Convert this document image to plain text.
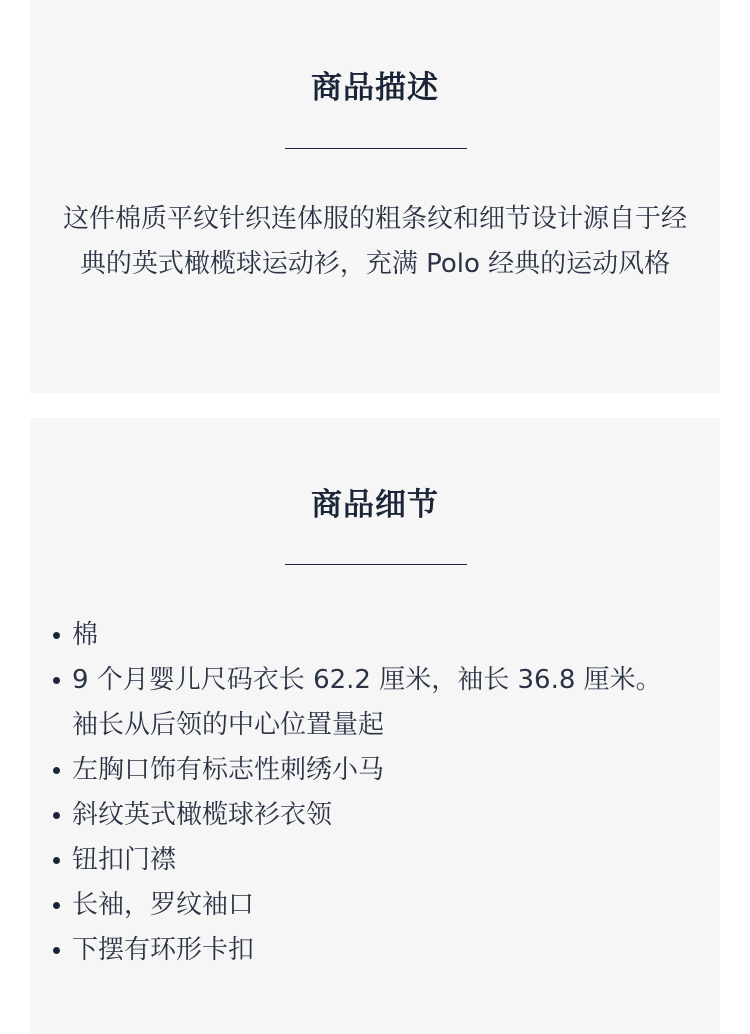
商品描述

这件棉质平纹针织连体服的粗条纹和细节设计源自于经典的英式橄榄球运动衫，充满 Polo 经典的运动风格

商品细节
棉
9 个月婴儿尺码衣长 62.2 厘米，袖长 36.8 厘米。袖长从后领的中心位置量起
左胸口饰有标志性刺绣小马
斜纹英式橄榄球衫衣领
钮扣门襟
长袖，罗纹袖口
下摆有环形卡扣
